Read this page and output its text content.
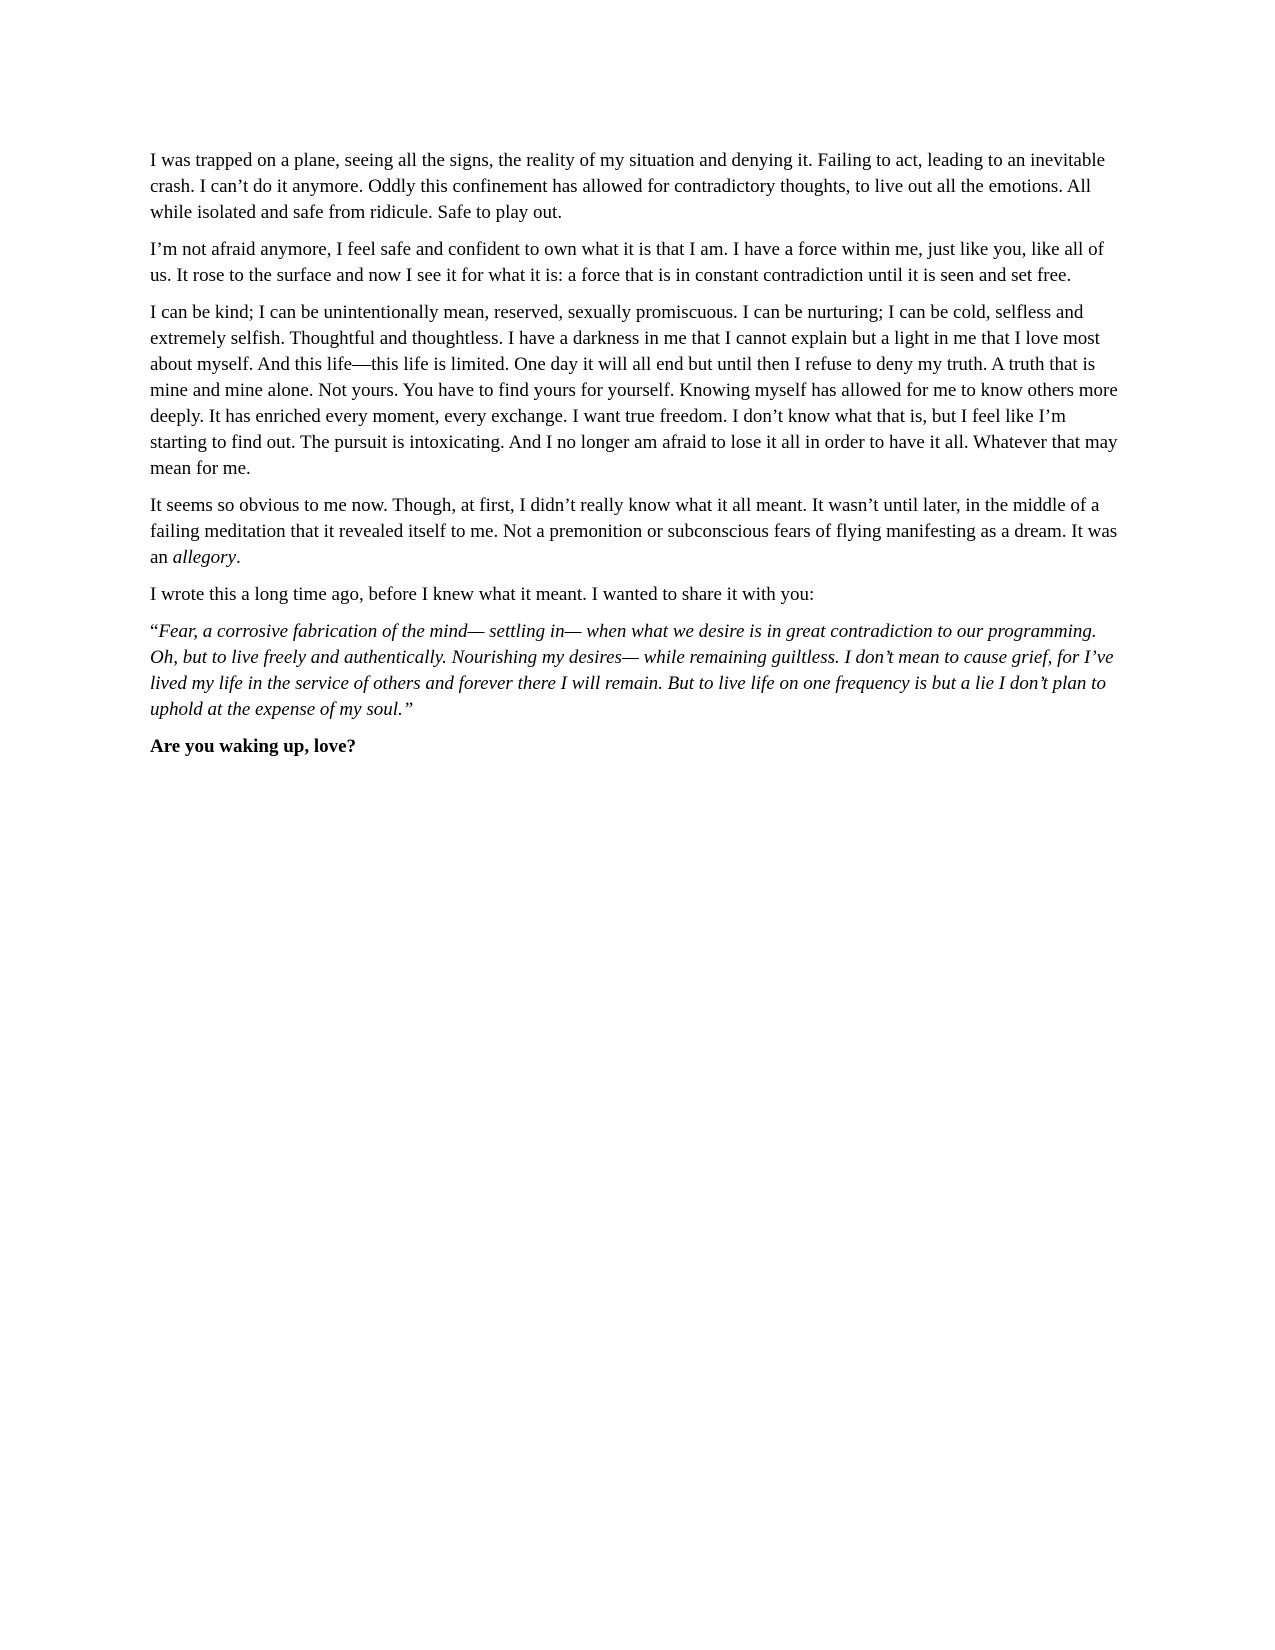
I was trapped on a plane, seeing all the signs, the reality of my situation and denying it. Failing to act, leading to an inevitable crash. I can’t do it anymore. Oddly this confinement has allowed for contradictory thoughts, to live out all the emotions. All while isolated and safe from ridicule. Safe to play out.

I’m not afraid anymore, I feel safe and confident to own what it is that I am. I have a force within me, just like you, like all of us. It rose to the surface and now I see it for what it is: a force that is in constant contradiction until it is seen and set free.

I can be kind; I can be unintentionally mean, reserved, sexually promiscuous. I can be nurturing; I can be cold, selfless and extremely selfish. Thoughtful and thoughtless. I have a darkness in me that I cannot explain but a light in me that I love most about myself. And this life—this life is limited. One day it will all end but until then I refuse to deny my truth. A truth that is mine and mine alone. Not yours. You have to find yours for yourself. Knowing myself has allowed for me to know others more deeply. It has enriched every moment, every exchange. I want true freedom. I don’t know what that is, but I feel like I’m starting to find out. The pursuit is intoxicating. And I no longer am afraid to lose it all in order to have it all. Whatever that may mean for me.

It seems so obvious to me now. Though, at first, I didn’t really know what it all meant. It wasn’t until later, in the middle of a failing meditation that it revealed itself to me. Not a premonition or subconscious fears of flying manifesting as a dream. It was an allegory.

I wrote this a long time ago, before I knew what it meant. I wanted to share it with you:

“Fear, a corrosive fabrication of the mind— settling in— when what we desire is in great contradiction to our programming. Oh, but to live freely and authentically. Nourishing my desires— while remaining guiltless. I don’t mean to cause grief, for I’ve lived my life in the service of others and forever there I will remain. But to live life on one frequency is but a lie I don’t plan to uphold at the expense of my soul.”

Are you waking up, love?
